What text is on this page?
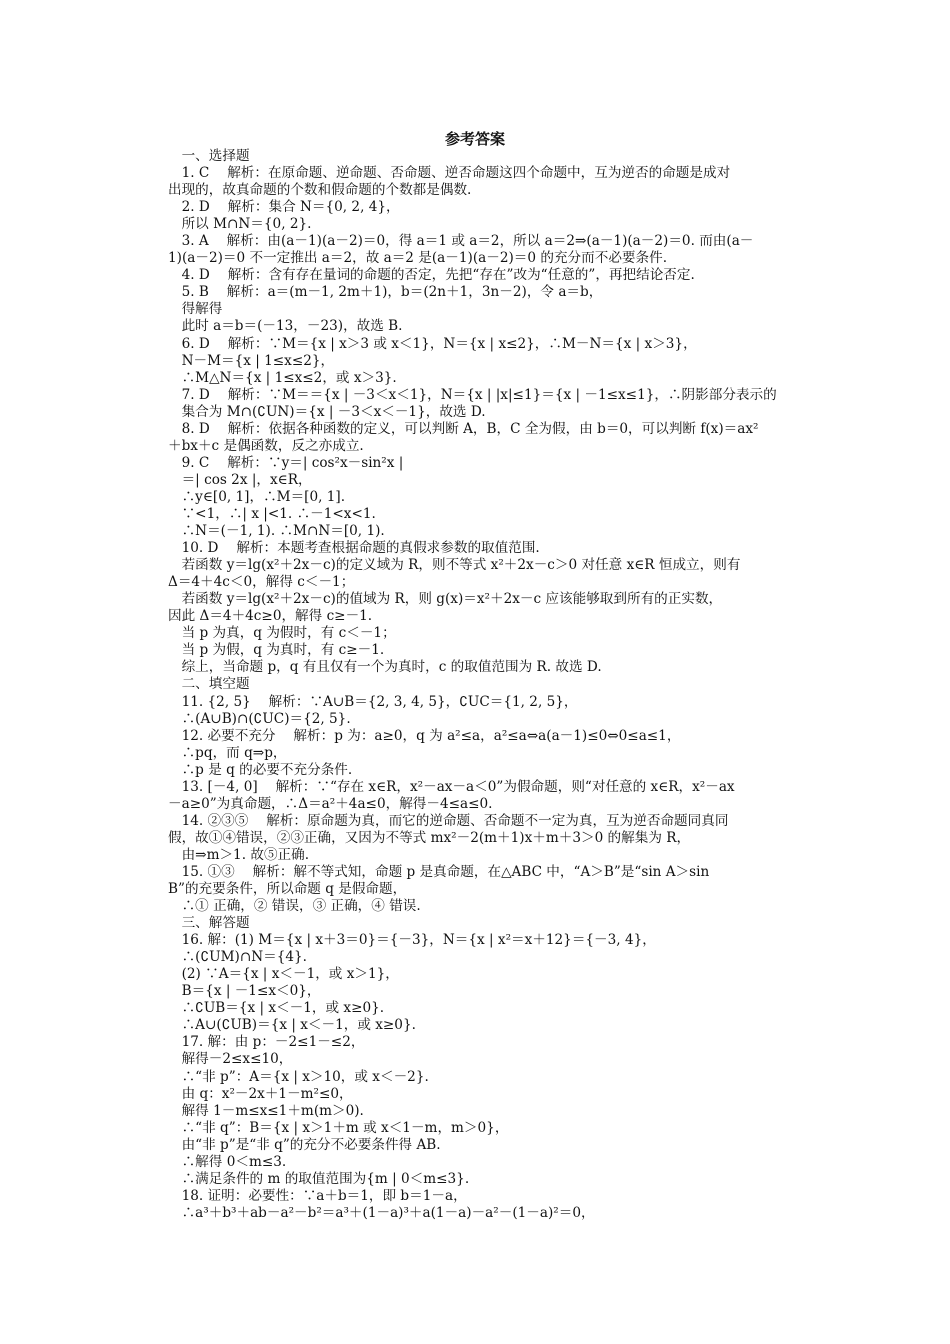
参考答案

　一、选择题

　1. C　 解析：在原命题、逆命题、否命题、逆否命题这四个命题中，互为逆否的命题是成对

出现的，故真命题的个数和假命题的个数都是偶数.

　2. D　 解析：集合 N＝{0, 2, 4}，

　所以 M∩N＝{0, 2}.

　3. A　 解析：由(a－1)(a－2)＝0，得 a＝1 或 a＝2，所以 a＝2⇒(a－1)(a－2)＝0. 而由(a－

1)(a－2)＝0 不一定推出 a＝2，故 a＝2 是(a－1)(a－2)＝0 的充分而不必要条件.

　4. D　 解析：含有存在量词的命题的否定，先把“存在”改为“任意的”，再把结论否定.

　5. B　 解析：a＝(m－1, 2m＋1)，b＝(2n＋1，3n－2)，令 a＝b，

　得解得

　此时 a＝b＝(－13，－23)，故选 B.

　6. D　 解析：∵M＝{x | x＞3 或 x＜1}，N＝{x | x≤2}，∴M－N＝{x | x＞3}，

　N－M＝{x | 1≤x≤2}，

　∴M△N＝{x | 1≤x≤2，或 x＞3}.

　7. D　 解析：∵M＝＝{x | －3＜x＜1}，N＝{x | |x|≤1}＝{x | －1≤x≤1}，∴阴影部分表示的

　集合为 M∩(∁UN)＝{x | －3＜x＜－1}，故选 D.

　8. D　 解析：依据各种函数的定义，可以判断 A，B，C 全为假，由 b＝0，可以判断 f(x)＝ax²

＋bx＋c 是偶函数，反之亦成立.

　9. C　 解析：∵y＝| cos²x－sin²x |

　＝| cos 2x |，x∈R，

　∴y∈[0, 1]，∴M＝[0, 1].

　∵<1，∴| x |<1. ∴－1<x<1.

　∴N＝(－1, 1). ∴M∩N＝[0, 1).

　10. D　 解析：本题考查根据命题的真假求参数的取值范围.

　若函数 y＝lg(x²＋2x－c)的定义域为 R，则不等式 x²＋2x－c＞0 对任意 x∈R 恒成立，则有

Δ＝4＋4c＜0，解得 c＜－1；

　若函数 y＝lg(x²＋2x－c)的值域为 R，则 g(x)＝x²＋2x－c 应该能够取到所有的正实数，

因此 Δ＝4＋4c≥0，解得 c≥－1.

　当 p 为真，q 为假时，有 c＜－1；

　当 p 为假，q 为真时，有 c≥－1.

　综上，当命题 p，q 有且仅有一个为真时，c 的取值范围为 R. 故选 D.

　二、填空题

　11. {2, 5}　 解析：∵A∪B＝{2, 3, 4, 5}，∁UC＝{1, 2, 5}，

　∴(A∪B)∩(∁UC)＝{2, 5}.

　12. 必要不充分　 解析：p 为：a≥0，q 为 a²≤a，a²≤a⇔a(a－1)≤0⇔0≤a≤1，

　∴pq，而 q⇒p，

　∴p 是 q 的必要不充分条件.

　13. [－4, 0]　 解析：∵“存在 x∈R，x²－ax－a＜0”为假命题，则“对任意的 x∈R，x²－ax

－a≥0”为真命题，∴Δ＝a²＋4a≤0，解得－4≤a≤0.

　14. ②③⑤　 解析：原命题为真，而它的逆命题、否命题不一定为真，互为逆否命题同真同

假，故①④错误，②③正确，又因为不等式 mx²－2(m＋1)x＋m＋3＞0 的解集为 R，

　由⇒m＞1. 故⑤正确.

　15. ①③　 解析：解不等式知，命题 p 是真命题，在△ABC 中，“A＞B”是“sin A＞sin

B”的充要条件，所以命题 q 是假命题，

　∴① 正确，② 错误，③ 正确，④ 错误.

　三、解答题

　16. 解：(1) M＝{x | x＋3＝0}＝{－3}，N＝{x | x²＝x＋12}＝{－3, 4}，

　∴(∁UM)∩N＝{4}.

　(2) ∵A＝{x | x＜－1，或 x＞1}，

　B＝{x | －1≤x＜0}，

　∴∁UB＝{x | x＜－1，或 x≥0}.

　∴A∪(∁UB)＝{x | x＜－1，或 x≥0}.

　17. 解：由 p：－2≤1－≤2，

　解得－2≤x≤10，

　∴“非 p”：A＝{x | x＞10，或 x＜－2}.

　由 q：x²－2x＋1－m²≤0，

　解得 1－m≤x≤1＋m(m＞0).

　∴“非 q”：B＝{x | x＞1＋m 或 x＜1－m，m＞0}，

　由“非 p”是“非 q”的充分不必要条件得 AB.

　∴解得 0＜m≤3.

　∴满足条件的 m 的取值范围为{m | 0＜m≤3}.

　18. 证明：必要性：∵a＋b＝1，即 b＝1－a，

　∴a³＋b³＋ab－a²－b²＝a³＋(1－a)³＋a(1－a)－a²－(1－a)²＝0，
